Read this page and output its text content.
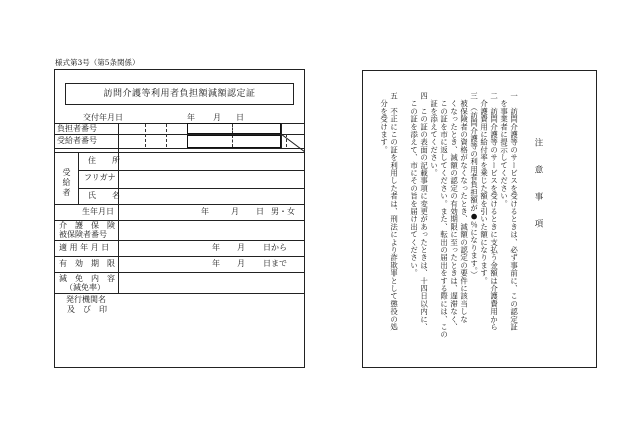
様式第3号（第5条関係）
訪問介護等利用者負担額減額認定証
交付年月日	年 月 日
負担者番号
受給者番号
受給者
住　　所
フリガナ
氏　　名
生年月日	年	月 日 男・女
介　護　保　険
被保険者番号
適 用 年 月 日	年 月 日から
有　効　期　限	年 月 日まで
減　免　内　容
（減免率）
発行機関名
及　び　印
注　意　事　項
一　訪問介護等のサービスを受けるときは、必ず事前に、この認定証
　を事業者に提示してください。
二　訪問介護等のサービスを受けるときに支払う金額は介護費用から
　介護費用に給付率を乗じた額を引いた額になります。
三　（訪問介護等の利用者負担額が●％になります。）
　被保険者の資格がなくなったとき、減額の認定の要件に該当しな
　くなったとき、減額の認定の有効期限に至ったときは、遅滞なく、
　この証を市に返してください。また、転出の届出をする際には、この
　証を添えてください。
四　この証の表面の記載事項に変更があったときは、十四日以内に、
　この証を添えて、市にその旨を届け出てください。
五　不正にこの証を利用した者は、刑法により詐欺罪として懲役の処
　分を受けます。
